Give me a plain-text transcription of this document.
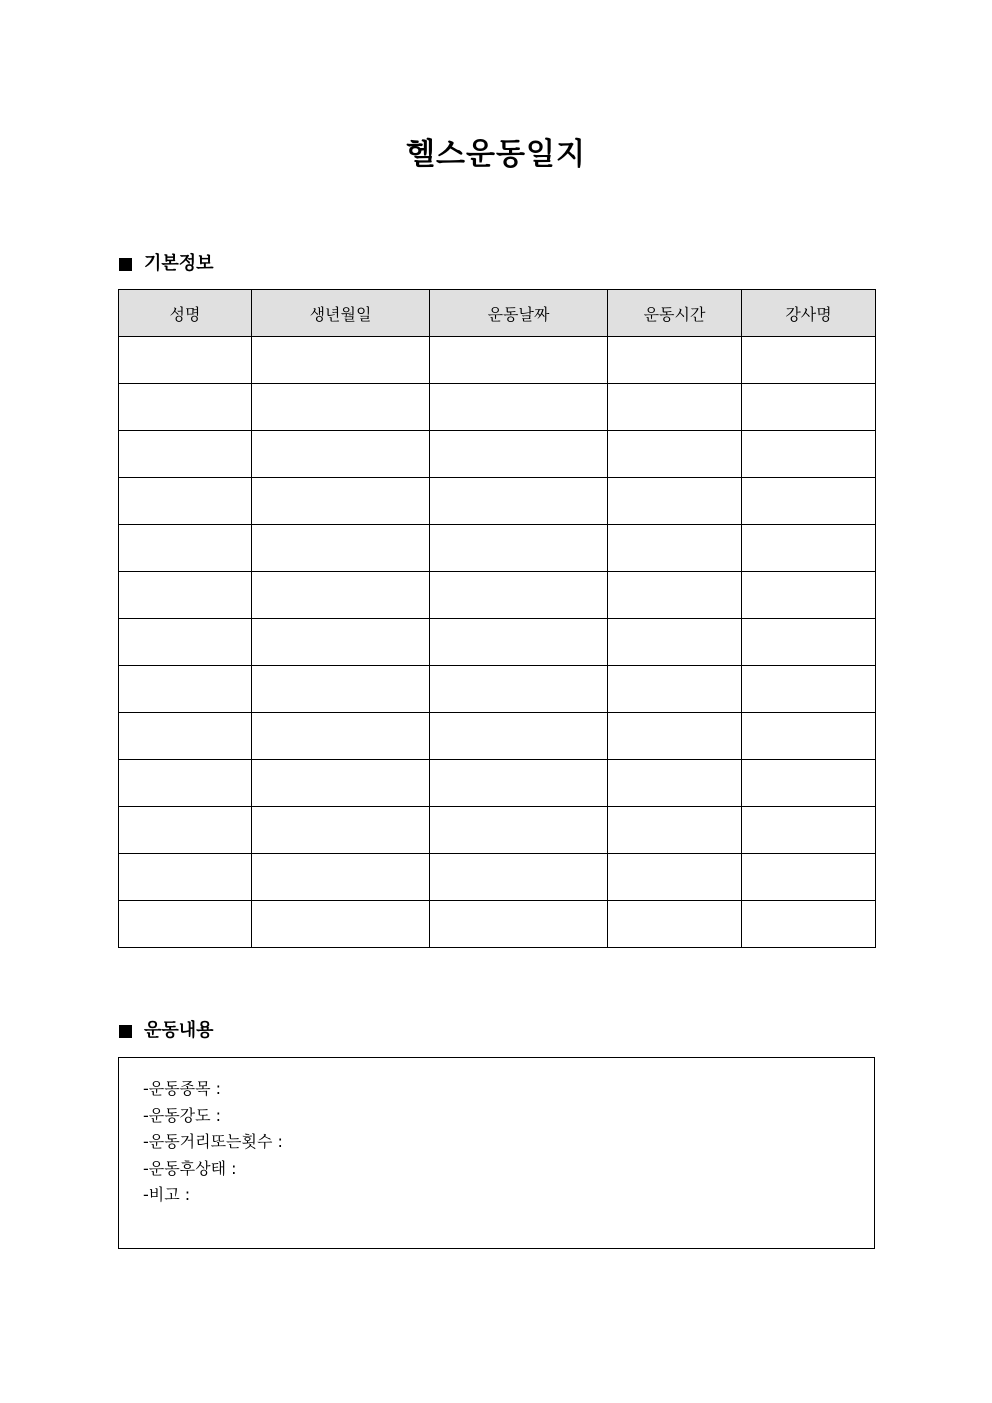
헬스운동일지
기본정보
성명	생년월일	운동날짜	운동시간	강사명

운동내용
-운동종목 :
-운동강도 :
-운동거리또는횟수 :
-운동후상태 :
-비고 :
